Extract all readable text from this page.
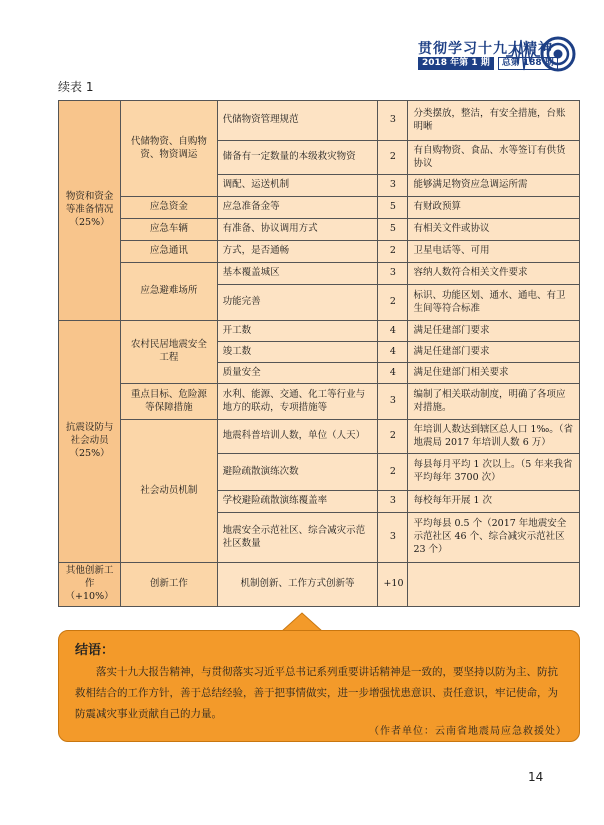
贯彻学习十九大精神
2018 年第 1 期	总第 188 期
续表 1
物资和资金等准备情况（25%）	代储物资、自购物资、物资调运	代储物资管理规范	3	分类摆放，整洁，有安全措施，台账明晰
		储备有一定数量的本级救灾物资	2	有自购物资、食品、水等签订有供货协议
		调配、运送机制	3	能够满足物资应急调运所需
	应急资金	应急准备金等	5	有财政预算
	应急车辆	有准备、协议调用方式	5	有相关文件或协议
	应急通讯	方式，是否通畅	2	卫星电话等、可用
	应急避难场所	基本覆盖城区	3	容纳人数符合相关文件要求
		功能完善	2	标识、功能区划、通水、通电、有卫生间等符合标准
抗震设防与社会动员（25%）	农村民居地震安全工程	开工数	4	满足任建部门要求
		竣工数	4	满足任建部门要求
		质量安全	4	满足住建部门相关要求
	重点目标、危险源等保障措施	水利、能源、交通、化工等行业与地方的联动，专项措施等	3	编制了相关联动制度，明确了各项应对措施。
	社会动员机制	地震科普培训人数，单位（人天）	2	年培训人数达到辖区总人口 1‰。（省地震局 2017 年培训人数 6 万）
		避险疏散演练次数	2	每县每月平均 1 次以上。（5 年来我省平均每年 3700 次）
		学校避险疏散演练覆盖率	3	每校每年开展 1 次
		地震安全示范社区、综合减灾示范社区数量	3	平均每县 0.5 个（2017 年地震安全示范社区 46 个、综合减灾示范社区 23 个）
其他创新工作（+10%）	创新工作	机制创新、工作方式创新等	+10	

结语：

落实十九大报告精神，与贯彻落实习近平总书记系列重要讲话精神是一致的，要坚持以防为主、防抗救相结合的工作方针，善于总结经验，善于把事情做实，进一步增强忧患意识、责任意识，牢记使命，为防震减灾事业贡献自己的力量。

（作者单位：云南省地震局应急救援处）
14
